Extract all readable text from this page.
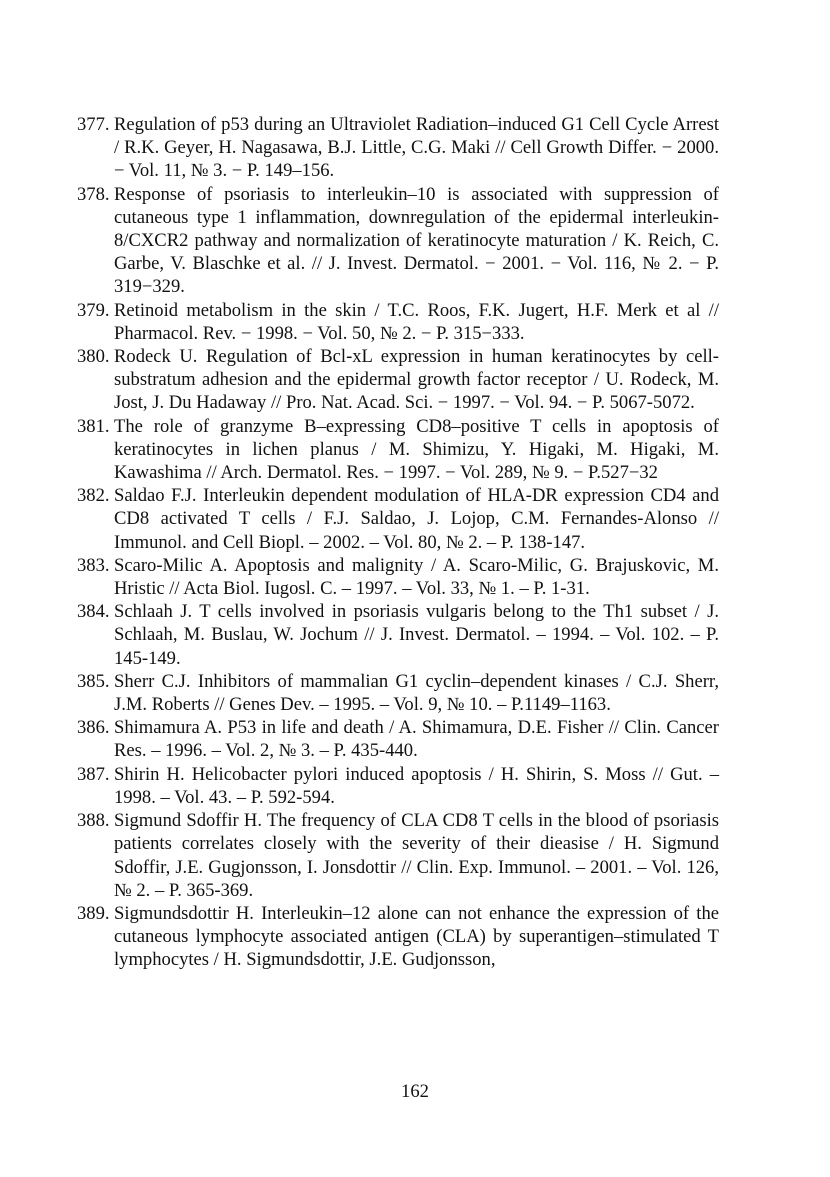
377. Regulation of p53 during an Ultraviolet Radiation–induced G1 Cell Cycle Arrest / R.K. Geyer, H. Nagasawa, B.J. Little, C.G. Maki // Cell Growth Differ. − 2000. − Vol. 11, № 3. − P. 149–156.
378. Response of psoriasis to interleukin–10 is associated with suppression of cutaneous type 1 inflammation, downregulation of the epidermal interleukin-8/CXCR2 pathway and normalization of keratinocyte maturation / K. Reich, C. Garbe, V. Blaschke et al. // J. Invest. Dermatol. − 2001. − Vol. 116, № 2. − P. 319−329.
379. Retinoid metabolism in the skin / T.C. Roos, F.K. Jugert, H.F. Merk et al // Pharmacol. Rev. − 1998. − Vol. 50, № 2. − P. 315−333.
380. Rodeck U. Regulation of Bcl-xL expression in human keratinocytes by cell-substratum adhesion and the epidermal growth factor receptor / U. Rodeck, M. Jost, J. Du Hadaway // Pro. Nat. Acad. Sci. − 1997. − Vol. 94. − P. 5067-5072.
381. The role of granzyme B–expressing CD8–positive T cells in apoptosis of keratinocytes in lichen planus / M. Shimizu, Y. Higaki, M. Higaki, M. Kawashima // Arch. Dermatol. Res. − 1997. − Vol. 289, № 9. − P.527−32
382. Saldao F.J. Interleukin dependent modulation of HLA-DR expression CD4 and CD8 activated T cells / F.J. Saldao, J. Lojop, C.M. Fernandes-Alonso // Immunol. and Cell Biopl. – 2002. – Vol. 80, № 2. – P. 138-147.
383. Scaro-Milic A. Apoptosis and malignity / A. Scaro-Milic, G. Brajuskovic, M. Hristic // Acta Biol. Iugosl. C. – 1997. – Vol. 33, № 1. – P. 1-31.
384. Schlaah J. T cells involved in psoriasis vulgaris belong to the Th1 subset / J. Schlaah, M. Buslau, W. Jochum // J. Invest. Dermatol. – 1994. – Vol. 102. – P. 145-149.
385. Sherr C.J. Inhibitors of mammalian G1 cyclin–dependent kinases / C.J. Sherr, J.M. Roberts // Genes Dev. – 1995. – Vol. 9, № 10. – P.1149–1163.
386. Shimamura A. P53 in life and death / A. Shimamura, D.E. Fisher // Clin. Cancer Res. – 1996. – Vol. 2, № 3. – P. 435-440.
387. Shirin H. Helicobacter pylori induced apoptosis / H. Shirin, S. Moss // Gut. – 1998. – Vol. 43. – P. 592-594.
388. Sigmund Sdoffir H. The frequency of CLA CD8 T cells in the blood of psoriasis patients correlates closely with the severity of their dieasise / H. Sigmund Sdoffir, J.E. Gugjonsson, I. Jonsdottir // Clin. Exp. Immunol. – 2001. – Vol. 126, № 2. – P. 365-369.
389. Sigmundsdottir H. Interleukin–12 alone can not enhance the expression of the cutaneous lymphocyte associated antigen (CLA) by superantigen–stimulated T lymphocytes / H. Sigmundsdottir, J.E. Gudjonsson,
162
